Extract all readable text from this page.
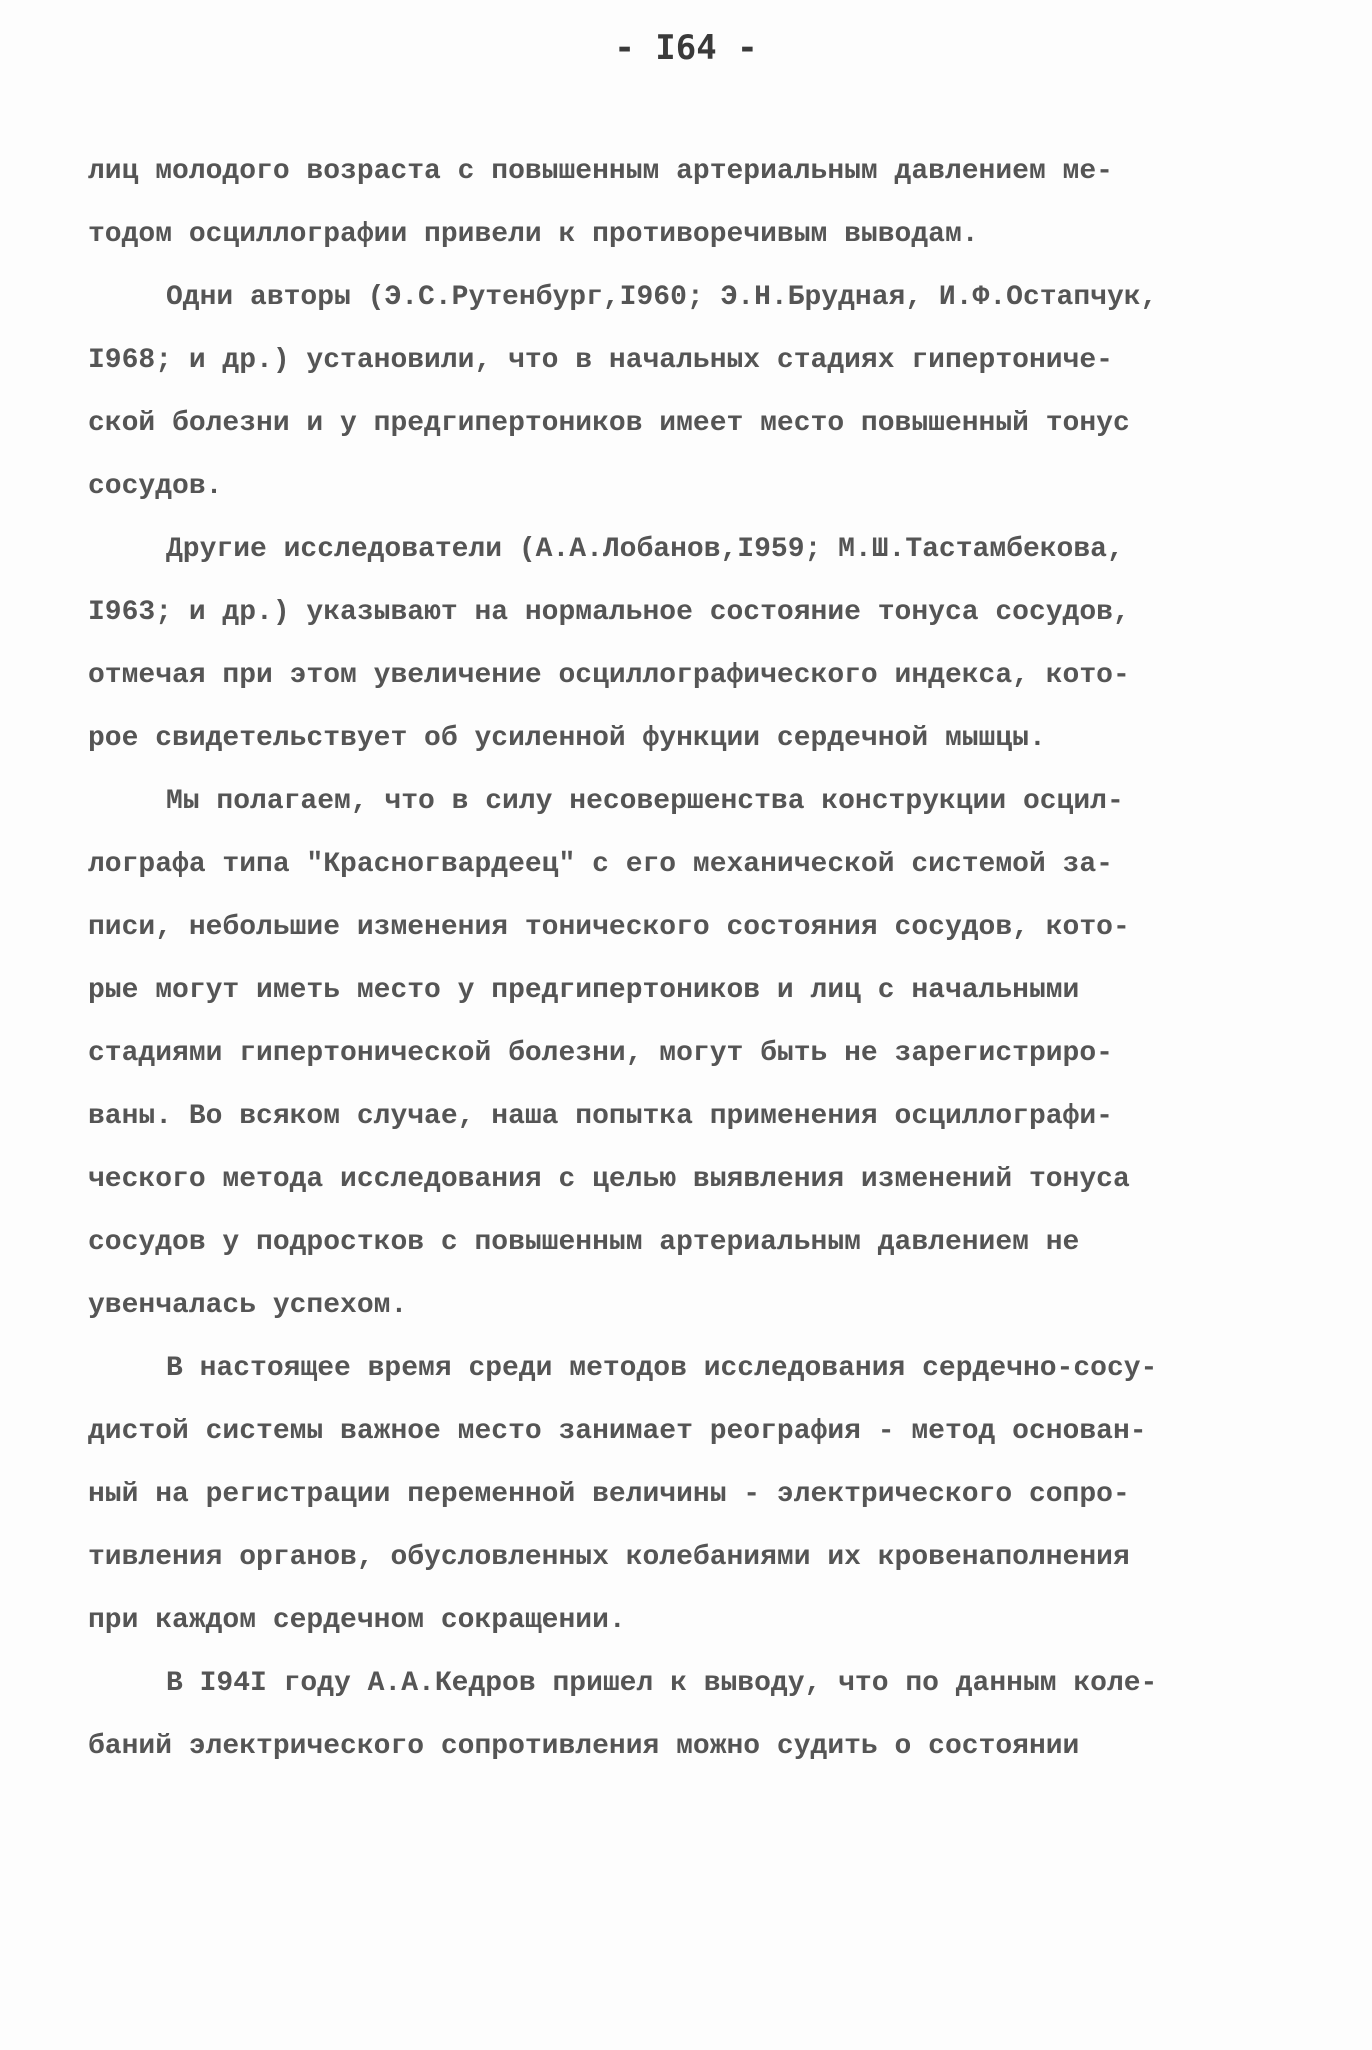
- I64 -
лиц молодого возраста с повышенным артериальным давлением ме-
тодом осциллографии привели к противоречивым выводам.
Одни авторы (Э.С.Рутенбург,I960; Э.Н.Брудная, И.Ф.Остапчук,
I968; и др.) установили, что в начальных стадиях гипертониче-
ской болезни и у предгипертоников имеет место повышенный тонус
сосудов.
Другие исследователи (А.А.Лобанов,I959; М.Ш.Тастамбекова,
I963; и др.) указывают на нормальное состояние тонуса сосудов,
отмечая при этом увеличение осциллографического индекса, кото-
рое свидетельствует об усиленной функции сердечной мышцы.
Мы полагаем, что в силу несовершенства конструкции осцил-
лографа типа "Красногвардеец" с его механической системой за-
писи, небольшие изменения тонического состояния сосудов, кото-
рые могут иметь место у предгипертоников и лиц с начальными
стадиями гипертонической болезни, могут быть не зарегистриро-
ваны. Во всяком случае, наша попытка применения осциллографи-
ческого метода исследования с целью выявления изменений тонуса
сосудов у подростков с повышенным артериальным давлением не
увенчалась успехом.
В настоящее время среди методов исследования сердечно-сосу-
дистой системы важное место занимает реография - метод основан-
ный на регистрации переменной величины - электрического сопро-
тивления органов, обусловленных колебаниями их кровенаполнения
при каждом сердечном сокращении.
В I94I году А.А.Кедров пришел к выводу, что по данным коле-
баний электрического сопротивления можно судить о состоянии
